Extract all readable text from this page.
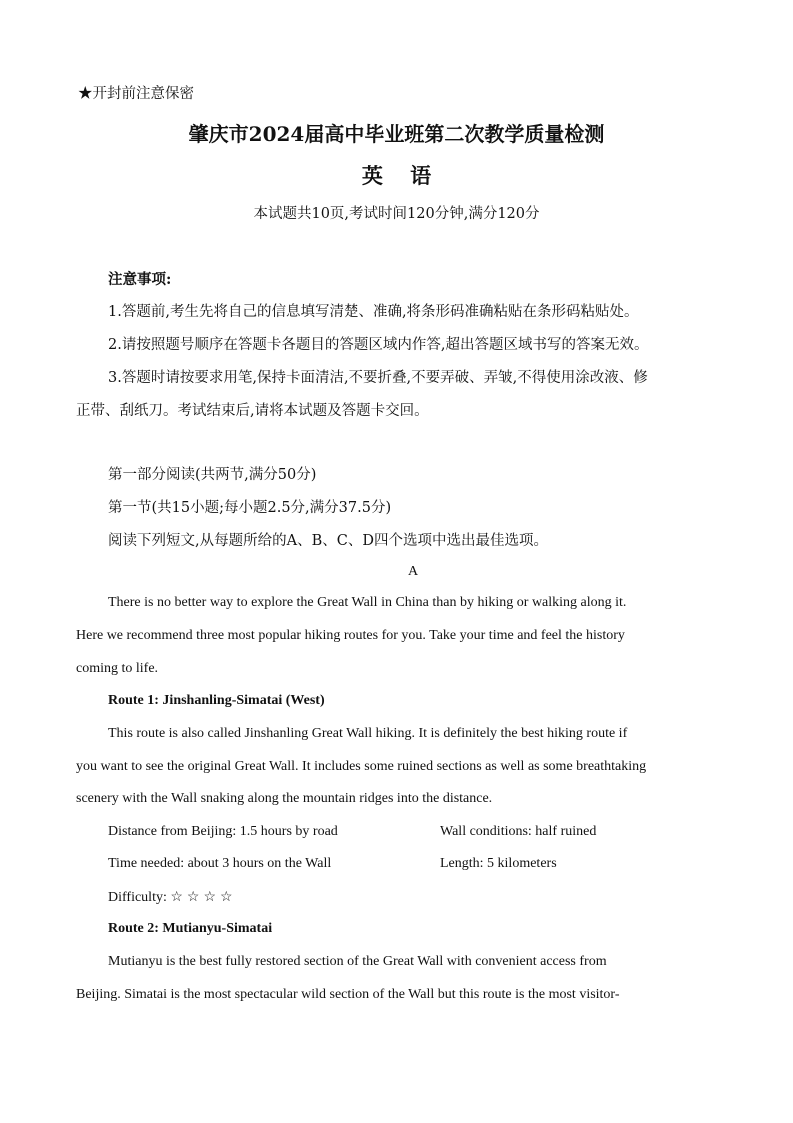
★开封前注意保密
肇庆市2024届高中毕业班第二次教学质量检测
英 语
本试题共10页,考试时间120分钟,满分120分
注意事项:
1.答题前,考生先将自己的信息填写清楚、准确,将条形码准确粘贴在条形码粘贴处。
2.请按照题号顺序在答题卡各题目的答题区域内作答,超出答题区域书写的答案无效。
3.答题时请按要求用笔,保持卡面清洁,不要折叠,不要弄破、弄皱,不得使用涂改液、修
正带、刮纸刀。考试结束后,请将本试题及答题卡交回。
第一部分阅读(共两节,满分50分)
第一节(共15小题;每小题2.5分,满分37.5分)
阅读下列短文,从每题所给的A、B、C、D四个选项中选出最佳选项。
A
There is no better way to explore the Great Wall in China than by hiking or walking along it.
Here we recommend three most popular hiking routes for you. Take your time and feel the history
coming to life.
Route 1: Jinshanling-Simatai (West)
This route is also called Jinshanling Great Wall hiking. It is definitely the best hiking route if
you want to see the original Great Wall. It includes some ruined sections as well as some breathtaking
scenery with the Wall snaking along the mountain ridges into the distance.
Distance from Beijing: 1.5 hours by road	Wall conditions: half ruined
Time needed: about 3 hours on the Wall	Length: 5 kilometers
Difficulty: ☆☆☆☆
Route 2: Mutianyu-Simatai
Mutianyu is the best fully restored section of the Great Wall with convenient access from
Beijing. Simatai is the most spectacular wild section of the Wall but this route is the most visitor-
